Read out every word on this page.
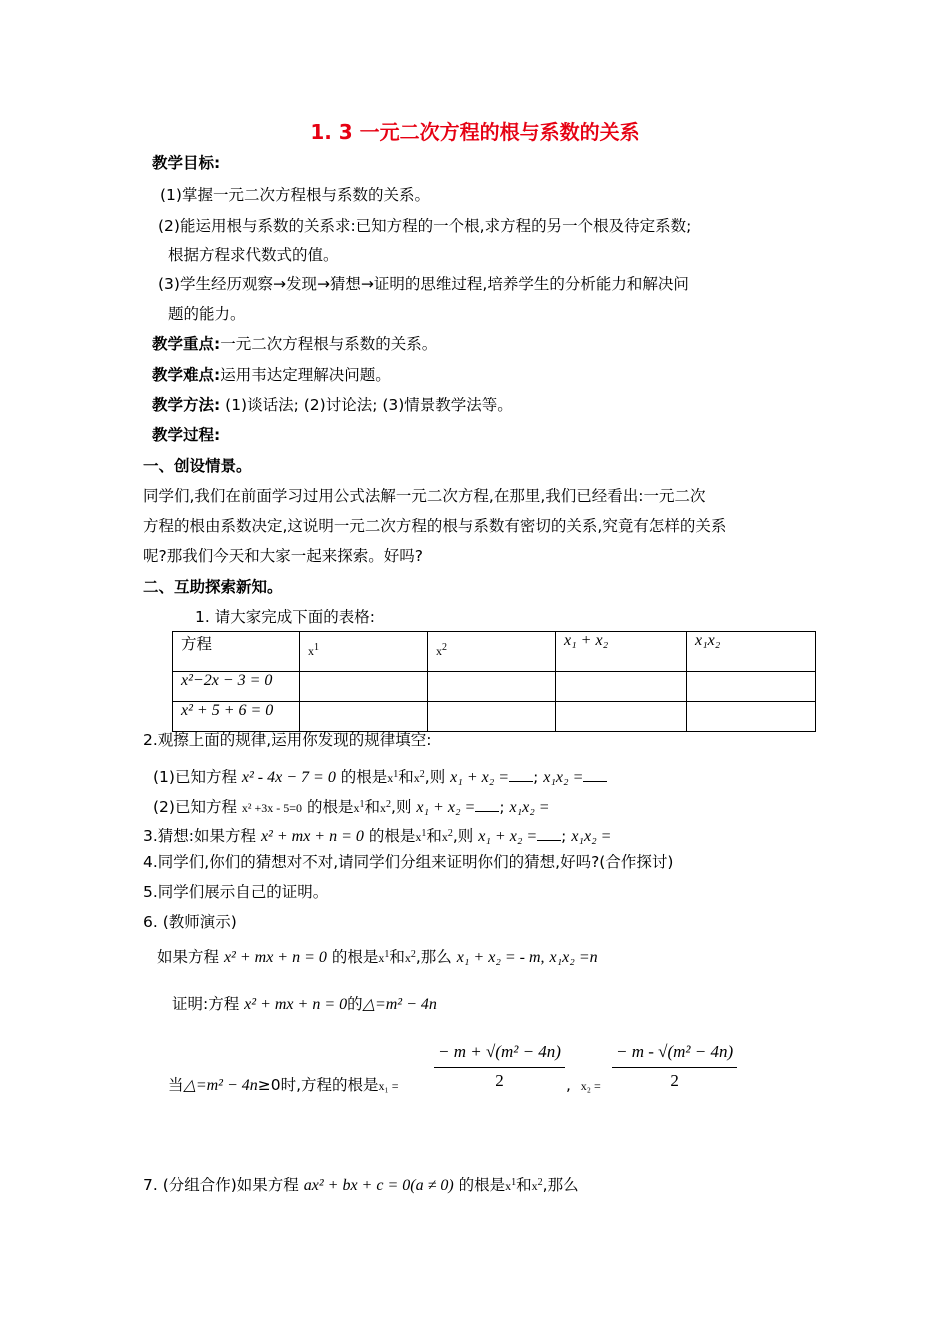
1. 3 一元二次方程的根与系数的关系
教学目标:
(1)掌握一元二次方程根与系数的关系。
(2)能运用根与系数的关系求:已知方程的一个根,求方程的另一个根及待定系数;
根据方程求代数式的值。
(3)学生经历观察→发现→猜想→证明的思维过程,培养学生的分析能力和解决问
题的能力。
教学重点:一元二次方程根与系数的关系。
教学难点:运用韦达定理解决问题。
教学方法: (1)谈话法; (2)讨论法; (3)情景教学法等。
教学过程:
一、创设情景。
同学们,我们在前面学习过用公式法解一元二次方程,在那里,我们已经看出:一元二次
方程的根由系数决定,这说明一元二次方程的根与系数有密切的关系,究竟有怎样的关系
呢?那我们今天和大家一起来探索。好吗?
二、互助探索新知。
1. 请大家完成下面的表格:
方程	$x^1$	$x^2$	x₁ + x₂	x₁x₂
x²−2x − 3 = 0				
x² + 5 + 6 = 0				
2.观擦上面的规律,运用你发现的规律填空:
(1)已知方程 x² - 4x − 7 = 0 的根是$x^1$和$x^2$,则 x₁ + x₂ = ; x₁x₂ =
(2)已知方程 x² +3x - 5=0 的根是$x^1$和$x^2$,则 x₁ + x₂ = ; x₁x₂ =
3.猜想:如果方程 x² + mx + n = 0 的根是$x^1$和$x^2$,则 x₁ + x₂ = ; x₁x₂ =
4.同学们,你们的猜想对不对,请同学们分组来证明你们的猜想,好吗?(合作探讨)
5.同学们展示自己的证明。
6. (教师演示)
如果方程 x² + mx + n = 0 的根是$x^1$和$x^2$,那么 x₁ + x₂ = - m, x₁x₂ =n
证明:方程 x² + mx + n = 0的△=m² − 4n
当△=m² − 4n≥0时,方程的根是$x_1 = \frac{\text{− m + √(m² − 4n)}}{2}$ , $x_2 = \frac{\text{− m - √(m² − 4n)}}{2}$
7. (分组合作)如果方程 ax² + bx + c = 0(a ≠ 0) 的根是$x^1$和$x^2$,那么
